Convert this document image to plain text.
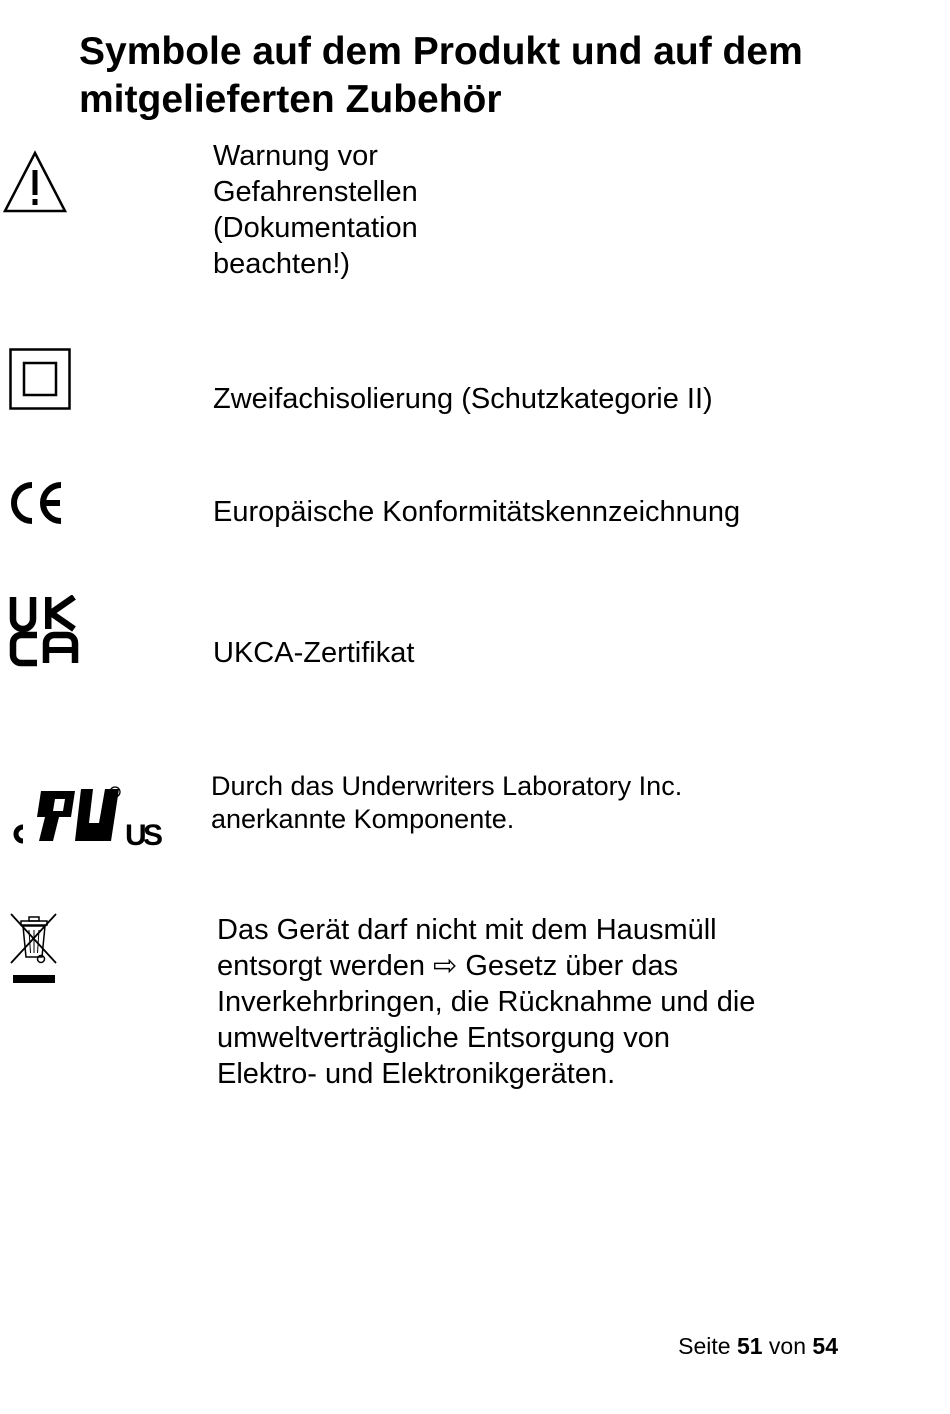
Symbole auf dem Produkt und auf dem
mitgelieferten Zubehör

Warnung vor
Gefahrenstellen
(Dokumentation
beachten!)

Zweifachisolierung (Schutzkategorie II)

Europäische Konformitätskennzeichnung

UKCA-Zertifikat

R
US

Durch das Underwriters Laboratory Inc.
anerkannte Komponente.

Das Gerät darf nicht mit dem Hausmüll
entsorgt werden ⇨ Gesetz über das
Inverkehrbringen, die Rücknahme und die
umweltverträgliche Entsorgung von
Elektro- und Elektronikgeräten.

Seite 51 von 54
